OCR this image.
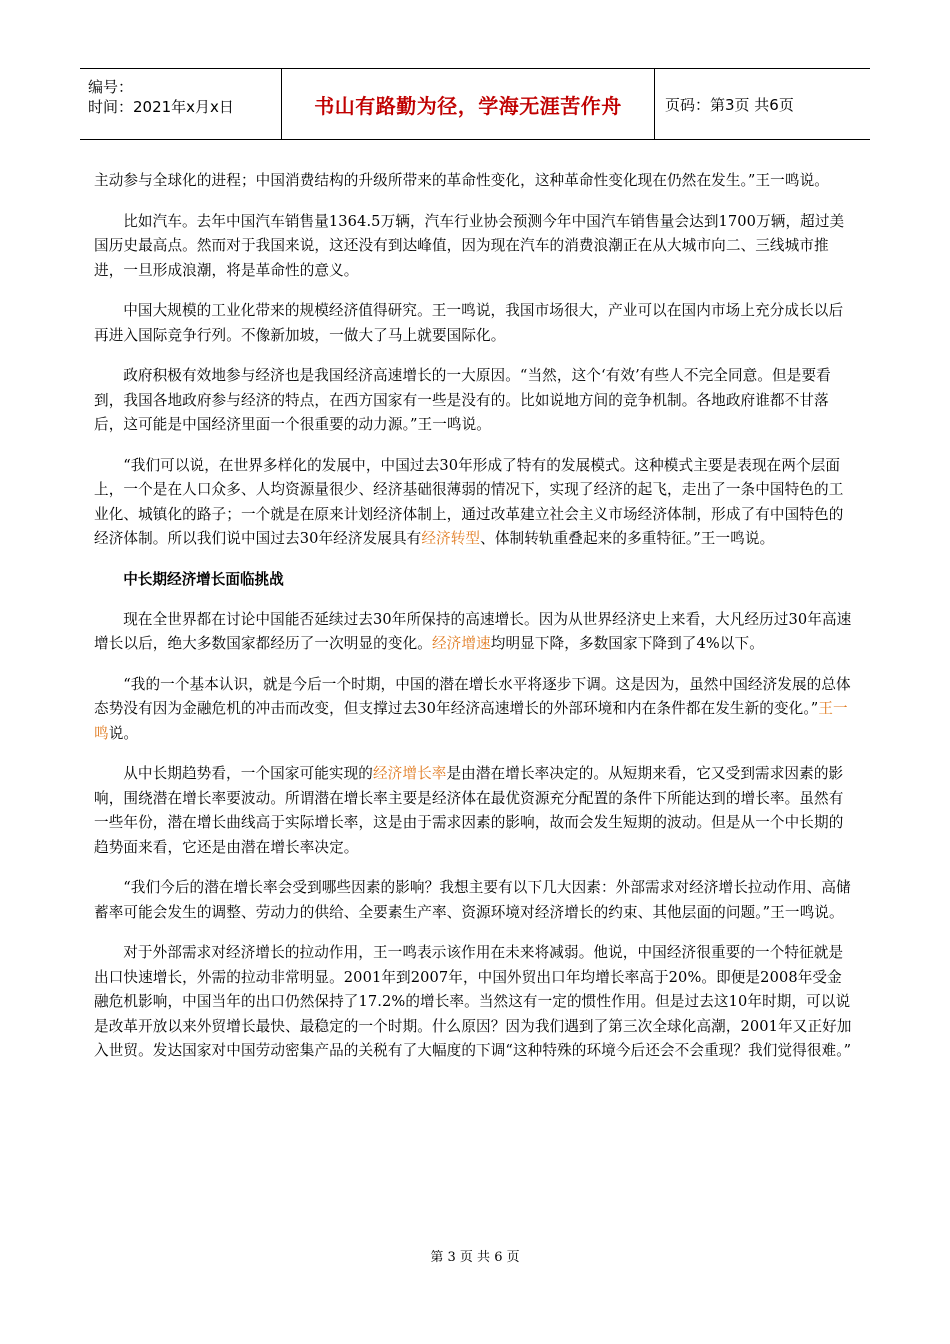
编号：
时间：2021年x月x日	书山有路勤为径，学海无涯苦作舟	页码：第3页 共6页

主动参与全球化的进程；中国消费结构的升级所带来的革命性变化，这种革命性变化现在仍然在发生。”王一鸣说。

比如汽车。去年中国汽车销售量1364.5万辆，汽车行业协会预测今年中国汽车销售量会达到1700万辆，超过美国历史最高点。然而对于我国来说，这还没有到达峰值，因为现在汽车的消费浪潮正在从大城市向二、三线城市推进，一旦形成浪潮，将是革命性的意义。

中国大规模的工业化带来的规模经济值得研究。王一鸣说，我国市场很大，产业可以在国内市场上充分成长以后再进入国际竞争行列。不像新加坡，一做大了马上就要国际化。

政府积极有效地参与经济也是我国经济高速增长的一大原因。“当然，这个‘有效’有些人不完全同意。但是要看到，我国各地政府参与经济的特点，在西方国家有一些是没有的。比如说地方间的竞争机制。各地政府谁都不甘落后，这可能是中国经济里面一个很重要的动力源。”王一鸣说。

“我们可以说，在世界多样化的发展中，中国过去30年形成了特有的发展模式。这种模式主要是表现在两个层面上，一个是在人口众多、人均资源量很少、经济基础很薄弱的情况下，实现了经济的起飞，走出了一条中国特色的工业化、城镇化的路子；一个就是在原来计划经济体制上，通过改革建立社会主义市场经济体制，形成了有中国特色的经济体制。所以我们说中国过去30年经济发展具有经济转型、体制转轨重叠起来的多重特征。”王一鸣说。

中长期经济增长面临挑战

现在全世界都在讨论中国能否延续过去30年所保持的高速增长。因为从世界经济史上来看，大凡经历过30年高速增长以后，绝大多数国家都经历了一次明显的变化。经济增速均明显下降，多数国家下降到了4%以下。

“我的一个基本认识，就是今后一个时期，中国的潜在增长水平将逐步下调。这是因为，虽然中国经济发展的总体态势没有因为金融危机的冲击而改变，但支撑过去30年经济高速增长的外部环境和内在条件都在发生新的变化。”王一鸣说。

从中长期趋势看，一个国家可能实现的经济增长率是由潜在增长率决定的。从短期来看，它又受到需求因素的影响，围绕潜在增长率要波动。所谓潜在增长率主要是经济体在最优资源充分配置的条件下所能达到的增长率。虽然有一些年份，潜在增长曲线高于实际增长率，这是由于需求因素的影响，故而会发生短期的波动。但是从一个中长期的趋势面来看，它还是由潜在增长率决定。

“我们今后的潜在增长率会受到哪些因素的影响？我想主要有以下几大因素：外部需求对经济增长拉动作用、高储蓄率可能会发生的调整、劳动力的供给、全要素生产率、资源环境对经济增长的约束、其他层面的问题。”王一鸣说。

对于外部需求对经济增长的拉动作用，王一鸣表示该作用在未来将减弱。他说，中国经济很重要的一个特征就是出口快速增长，外需的拉动非常明显。2001年到2007年，中国外贸出口年均增长率高于20%。即便是2008年受金融危机影响，中国当年的出口仍然保持了17.2%的增长率。当然这有一定的惯性作用。但是过去这10年时期，可以说是改革开放以来外贸增长最快、最稳定的一个时期。什么原因？因为我们遇到了第三次全球化高潮，2001年又正好加入世贸。发达国家对中国劳动密集产品的关税有了大幅度的下调“这种特殊的环境今后还会不会重现？我们觉得很难。”

第 3 页 共 6 页
